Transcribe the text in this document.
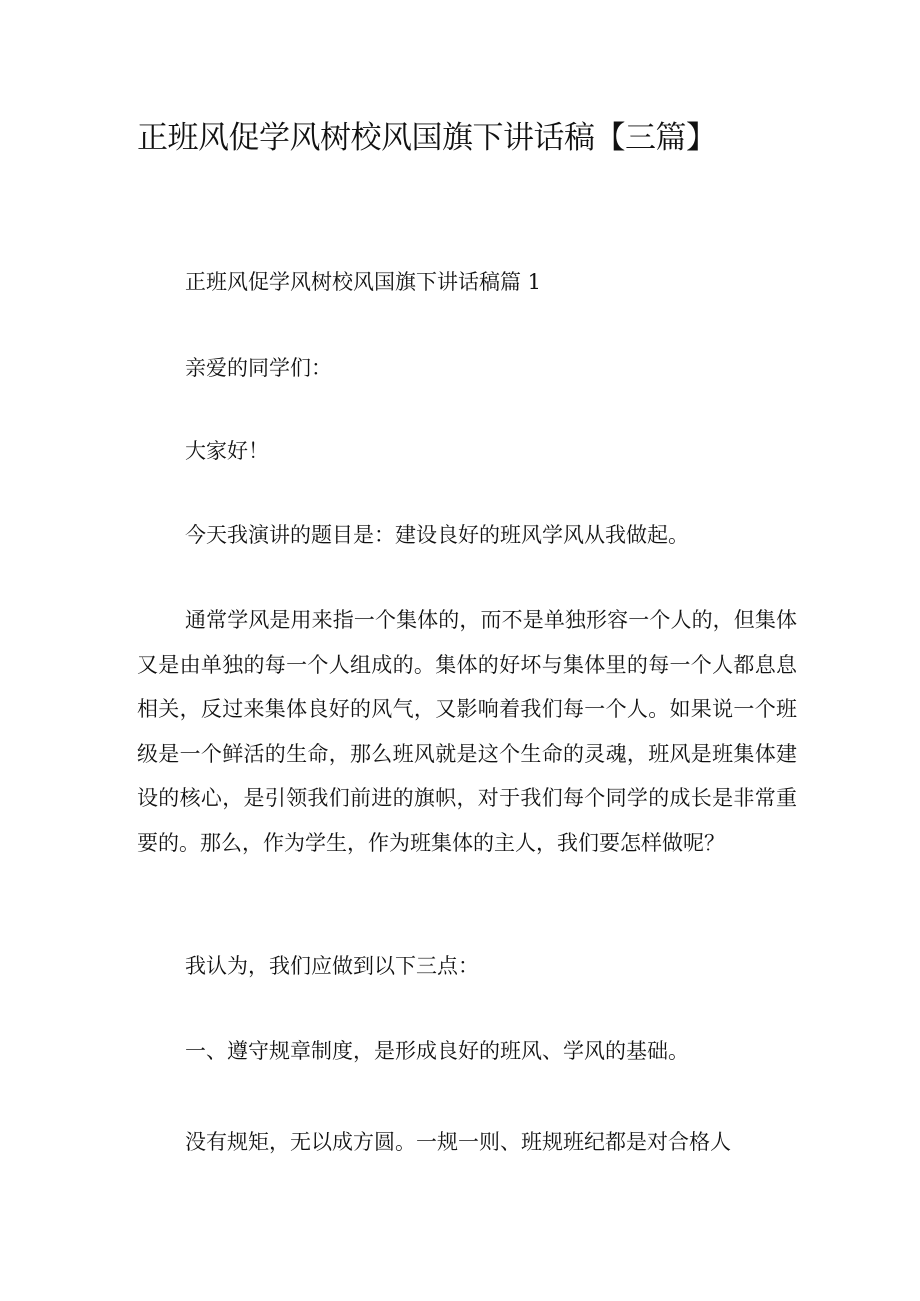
正班风促学风树校风国旗下讲话稿【三篇】

正班风促学风树校风国旗下讲话稿篇 1

亲爱的同学们：

大家好！

今天我演讲的题目是：建设良好的班风学风从我做起。

通常学风是用来指一个集体的，而不是单独形容一个人的，但集体又是由单独的每一个人组成的。集体的好坏与集体里的每一个人都息息相关，反过来集体良好的风气，又影响着我们每一个人。如果说一个班级是一个鲜活的生命，那么班风就是这个生命的灵魂，班风是班集体建设的核心，是引领我们前进的旗帜，对于我们每个同学的成长是非常重要的。那么，作为学生，作为班集体的主人，我们要怎样做呢？

我认为，我们应做到以下三点：

一、遵守规章制度，是形成良好的班风、学风的基础。

没有规矩，无以成方圆。一规一则、班规班纪都是对合格人
